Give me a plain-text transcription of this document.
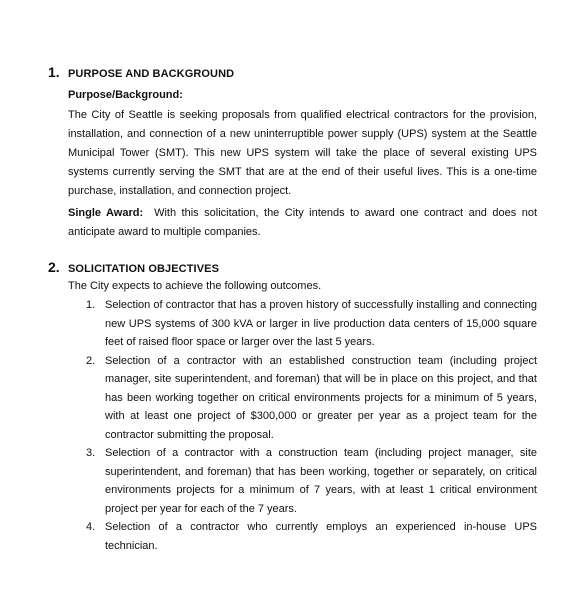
1. PURPOSE AND BACKGROUND
Purpose/Background:
The City of Seattle is seeking proposals from qualified electrical contractors for the provision, installation, and connection of a new uninterruptible power supply (UPS) system at the Seattle Municipal Tower (SMT). This new UPS system will take the place of several existing UPS systems currently serving the SMT that are at the end of their useful lives. This is a one-time purchase, installation, and connection project.
Single Award: With this solicitation, the City intends to award one contract and does not anticipate award to multiple companies.
2. SOLICITATION OBJECTIVES
The City expects to achieve the following outcomes.
1. Selection of contractor that has a proven history of successfully installing and connecting new UPS systems of 300 kVA or larger in live production data centers of 15,000 square feet of raised floor space or larger over the last 5 years.
2. Selection of a contractor with an established construction team (including project manager, site superintendent, and foreman) that will be in place on this project, and that has been working together on critical environments projects for a minimum of 5 years, with at least one project of $300,000 or greater per year as a project team for the contractor submitting the proposal.
3. Selection of a contractor with a construction team (including project manager, site superintendent, and foreman) that has been working, together or separately, on critical environments projects for a minimum of 7 years, with at least 1 critical environment project per year for each of the 7 years.
4. Selection of a contractor who currently employs an experienced in-house UPS technician.
